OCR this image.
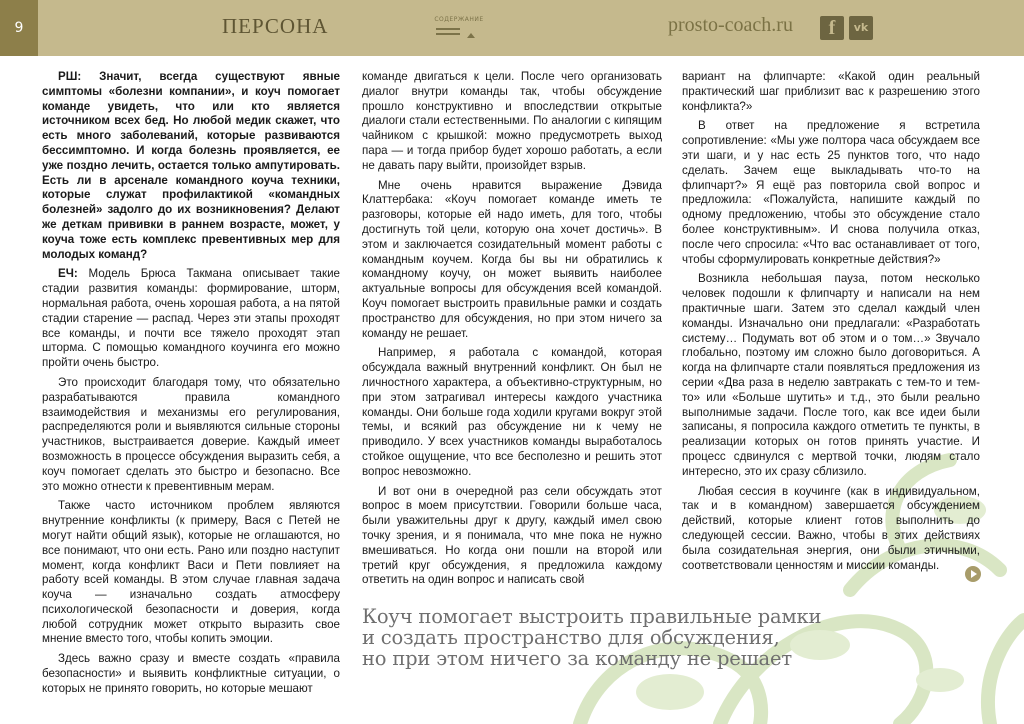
9	ПЕРСОНА	СОДЕРЖАНИЕ	prosto-coach.ru	f	vk

РШ: Значит, всегда существуют явные симптомы «болезни компании», и коуч помогает команде увидеть, что или кто является источником всех бед. Но любой медик скажет, что есть много заболеваний, которые развиваются бессимптомно. И когда болезнь проявляется, ее уже поздно лечить, остается только ампутировать. Есть ли в арсенале командного коуча техники, которые служат профилактикой «командных болезней» задолго до их возникновения? Делают же деткам прививки в раннем возрасте, может, у коуча тоже есть комплекс превентивных мер для молодых команд?

ЕЧ: Модель Брюса Такмана описывает такие стадии развития команды: формирование, шторм, нормальная работа, очень хорошая работа, а на пятой стадии старение — распад. Через эти этапы проходят все команды, и почти все тяжело проходят этап шторма. С помощью командного коучинга его можно пройти очень быстро.

Это происходит благодаря тому, что обязательно разрабатываются правила командного взаимодействия и механизмы его регулирования, распределяются роли и выявляются сильные стороны участников, выстраивается доверие. Каждый имеет возможность в процессе обсуждения выразить себя, а коуч помогает сделать это быстро и безопасно. Все это можно отнести к превентивным мерам.

Также часто источником проблем являются внутренние конфликты (к примеру, Вася с Петей не могут найти общий язык), которые не оглашаются, но все понимают, что они есть. Рано или поздно наступит момент, когда конфликт Васи и Пети повлияет на работу всей команды. В этом случае главная задача коуча — изначально создать атмосферу психологической безопасности и доверия, когда любой сотрудник может открыто выразить свое мнение вместо того, чтобы копить эмоции.

Здесь важно сразу и вместе создать «правила безопасности» и выявить конфликтные ситуации, о которых не принято говорить, но которые мешают

команде двигаться к цели. После чего организовать диалог внутри команды так, чтобы обсуждение прошло конструктивно и впоследствии открытые диалоги стали естественными. По аналогии с кипящим чайником с крышкой: можно предусмотреть выход пара — и тогда прибор будет хорошо работать, а если не давать пару выйти, произойдет взрыв.

Мне очень нравится выражение Дэвида Клаттербака: «Коуч помогает команде иметь те разговоры, которые ей надо иметь, для того, чтобы достигнуть той цели, которую она хочет достичь». В этом и заключается созидательный момент работы с командным коучем. Когда бы вы ни обратились к командному коучу, он может выявить наиболее актуальные вопросы для обсуждения всей командой. Коуч помогает выстроить правильные рамки и создать пространство для обсуждения, но при этом ничего за команду не решает.

Например, я работала с командой, которая обсуждала важный внутренний конфликт. Он был не личностного характера, а объективно-структурным, но при этом затрагивал интересы каждого участника команды. Они больше года ходили кругами вокруг этой темы, и всякий раз обсуждение ни к чему не приводило. У всех участников команды выработалось стойкое ощущение, что все бесполезно и решить этот вопрос невозможно.

И вот они в очередной раз сели обсуждать этот вопрос в моем присутствии. Говорили больше часа, были уважительны друг к другу, каждый имел свою точку зрения, и я понимала, что мне пока не нужно вмешиваться. Но когда они пошли на второй или третий круг обсуждения, я предложила каждому ответить на один вопрос и написать свой

вариант на флипчарте: «Какой один реальный практический шаг приблизит вас к разрешению этого конфликта?»

В ответ на предложение я встретила сопротивление: «Мы уже полтора часа обсуждаем все эти шаги, и у нас есть 25 пунктов того, что надо сделать. Зачем еще выкладывать что-то на флипчарт?» Я ещё раз повторила свой вопрос и предложила: «Пожалуйста, напишите каждый по одному предложению, чтобы это обсуждение стало более конструктивным». И снова получила отказ, после чего спросила: «Что вас останавливает от того, чтобы сформулировать конкретные действия?»

Возникла небольшая пауза, потом несколько человек подошли к флипчарту и написали на нем практичные шаги. Затем это сделал каждый член команды. Изначально они предлагали: «Разработать систему… Подумать вот об этом и о том…» Звучало глобально, поэтому им сложно было договориться. А когда на флипчарте стали появляться предложения из серии «Два раза в неделю завтракать с тем-то и тем-то» или «Больше шутить» и т.д., это были реально выполнимые задачи. После того, как все идеи были записаны, я попросила каждого отметить те пункты, в реализации которых он готов принять участие. И процесс сдвинулся с мертвой точки, людям стало интересно, это их сразу сблизило.

Любая сессия в коучинге (как в индивидуальном, так и в командном) завершается обсуждением действий, которые клиент готов выполнить до следующей сессии. Важно, чтобы в этих действиях была созидательная энергия, они были этичными, соответствовали ценностям и миссии команды.

Коуч помогает выстроить правильные рамки
и создать пространство для обсуждения,
но при этом ничего за команду не решает
